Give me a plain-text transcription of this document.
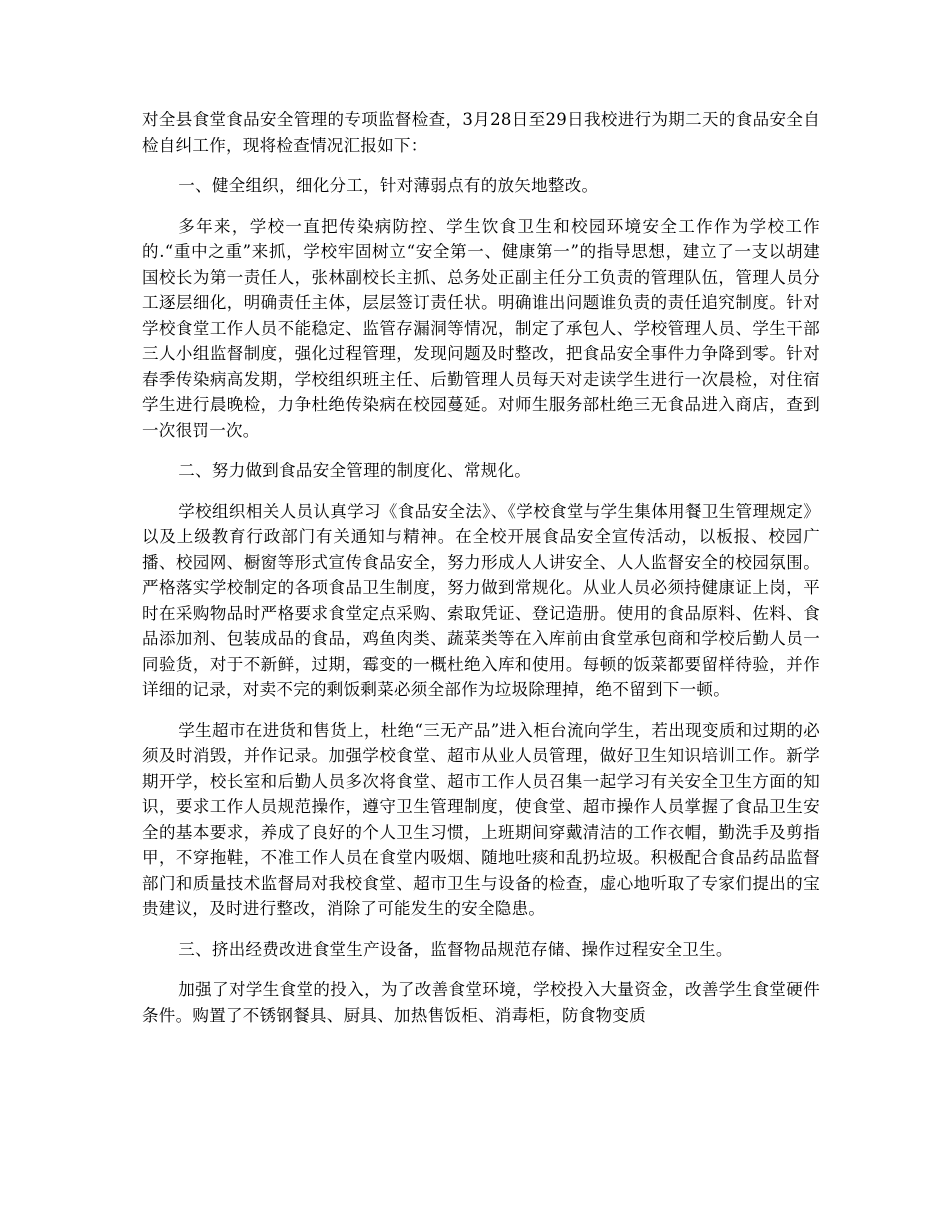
对全县食堂食品安全管理的专项监督检查，3月28日至29日我校进行为期二天的食品安全自检自纠工作，现将检查情况汇报如下：

一、健全组织，细化分工，针对薄弱点有的放矢地整改。

多年来，学校一直把传染病防控、学生饮食卫生和校园环境安全工作作为学校工作的.“重中之重”来抓，学校牢固树立“安全第一、健康第一”的指导思想，建立了一支以胡建国校长为第一责任人，张林副校长主抓、总务处正副主任分工负责的管理队伍，管理人员分工逐层细化，明确责任主体，层层签订责任状。明确谁出问题谁负责的责任追究制度。针对学校食堂工作人员不能稳定、监管存漏洞等情况，制定了承包人、学校管理人员、学生干部三人小组监督制度，强化过程管理，发现问题及时整改，把食品安全事件力争降到零。针对春季传染病高发期，学校组织班主任、后勤管理人员每天对走读学生进行一次晨检，对住宿学生进行晨晚检，力争杜绝传染病在校园蔓延。对师生服务部杜绝三无食品进入商店，查到一次很罚一次。

二、努力做到食品安全管理的制度化、常规化。

学校组织相关人员认真学习《食品安全法》、《学校食堂与学生集体用餐卫生管理规定》以及上级教育行政部门有关通知与精神。在全校开展食品安全宣传活动，以板报、校园广播、校园网、橱窗等形式宣传食品安全，努力形成人人讲安全、人人监督安全的校园氛围。严格落实学校制定的各项食品卫生制度，努力做到常规化。从业人员必须持健康证上岗，平时在采购物品时严格要求食堂定点采购、索取凭证、登记造册。使用的食品原料、佐料、食品添加剂、包装成品的食品，鸡鱼肉类、蔬菜类等在入库前由食堂承包商和学校后勤人员一同验货，对于不新鲜，过期，霉变的一概杜绝入库和使用。每顿的饭菜都要留样待验，并作详细的记录，对卖不完的剩饭剩菜必须全部作为垃圾除理掉，绝不留到下一顿。

学生超市在进货和售货上，杜绝“三无产品”进入柜台流向学生，若出现变质和过期的必须及时消毁，并作记录。加强学校食堂、超市从业人员管理，做好卫生知识培训工作。新学期开学，校长室和后勤人员多次将食堂、超市工作人员召集一起学习有关安全卫生方面的知识，要求工作人员规范操作，遵守卫生管理制度，使食堂、超市操作人员掌握了食品卫生安全的基本要求，养成了良好的个人卫生习惯，上班期间穿戴清洁的工作衣帽，勤洗手及剪指甲，不穿拖鞋，不准工作人员在食堂内吸烟、随地吐痰和乱扔垃圾。积极配合食品药品监督部门和质量技术监督局对我校食堂、超市卫生与设备的检查，虚心地听取了专家们提出的宝贵建议，及时进行整改，消除了可能发生的安全隐患。

三、挤出经费改进食堂生产设备，监督物品规范存储、操作过程安全卫生。

加强了对学生食堂的投入，为了改善食堂环境，学校投入大量资金，改善学生食堂硬件条件。购置了不锈钢餐具、厨具、加热售饭柜、消毒柜，防食物变质
